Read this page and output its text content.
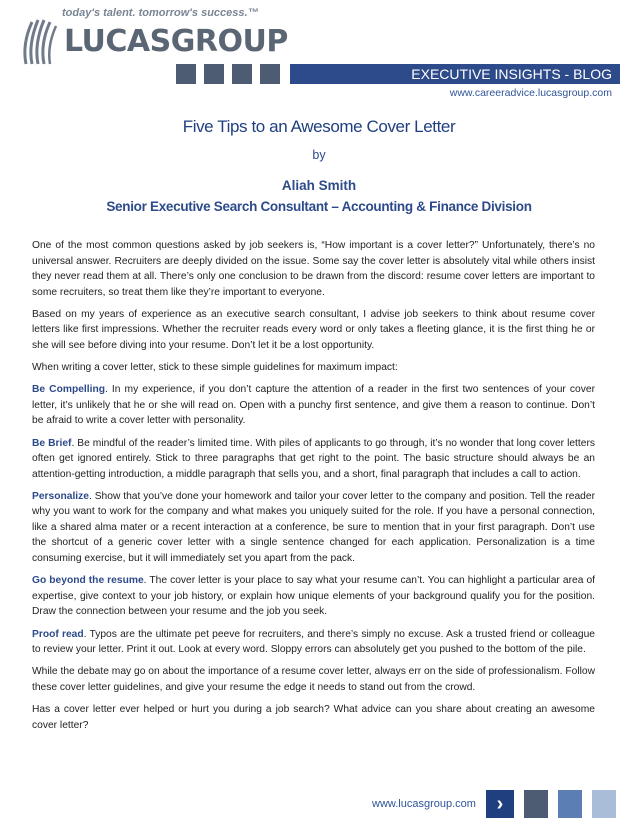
today's talent. tomorrow's success.™
LUCASGROUP
EXECUTIVE INSIGHTS - BLOG
www.careeradvice.lucasgroup.com
Five Tips to an Awesome Cover Letter
by
Aliah Smith
Senior Executive Search Consultant – Accounting & Finance Division

One of the most common questions asked by job seekers is, “How important is a cover letter?” Unfortunately, there’s no universal answer. Recruiters are deeply divided on the issue. Some say the cover letter is absolutely vital while others insist they never read them at all. There’s only one conclusion to be drawn from the discord: resume cover letters are important to some recruiters, so treat them like they’re important to everyone.

Based on my years of experience as an executive search consultant, I advise job seekers to think about resume cover letters like first impressions. Whether the recruiter reads every word or only takes a fleeting glance, it is the first thing he or she will see before diving into your resume. Don’t let it be a lost opportunity.

When writing a cover letter, stick to these simple guidelines for maximum impact:

Be Compelling. In my experience, if you don’t capture the attention of a reader in the first two sentences of your cover letter, it’s unlikely that he or she will read on. Open with a punchy first sentence, and give them a reason to continue. Don’t be afraid to write a cover letter with personality.

Be Brief. Be mindful of the reader’s limited time. With piles of applicants to go through, it’s no wonder that long cover letters often get ignored entirely. Stick to three paragraphs that get right to the point. The basic structure should always be an attention-getting introduction, a middle paragraph that sells you, and a short, final paragraph that includes a call to action.

Personalize. Show that you’ve done your homework and tailor your cover letter to the company and position. Tell the reader why you want to work for the company and what makes you uniquely suited for the role. If you have a personal connection, like a shared alma mater or a recent interaction at a conference, be sure to mention that in your first paragraph. Don’t use the shortcut of a generic cover letter with a single sentence changed for each application. Personalization is a time consuming exercise, but it will immediately set you apart from the pack.

Go beyond the resume. The cover letter is your place to say what your resume can’t. You can highlight a particular area of expertise, give context to your job history, or explain how unique elements of your background qualify you for the position. Draw the connection between your resume and the job you seek.

Proof read. Typos are the ultimate pet peeve for recruiters, and there’s simply no excuse. Ask a trusted friend or colleague to review your letter. Print it out. Look at every word. Sloppy errors can absolutely get you pushed to the bottom of the pile.

While the debate may go on about the importance of a resume cover letter, always err on the side of professionalism. Follow these cover letter guidelines, and give your resume the edge it needs to stand out from the crowd.

Has a cover letter ever helped or hurt you during a job search? What advice can you share about creating an awesome cover letter?

www.lucasgroup.com	›
